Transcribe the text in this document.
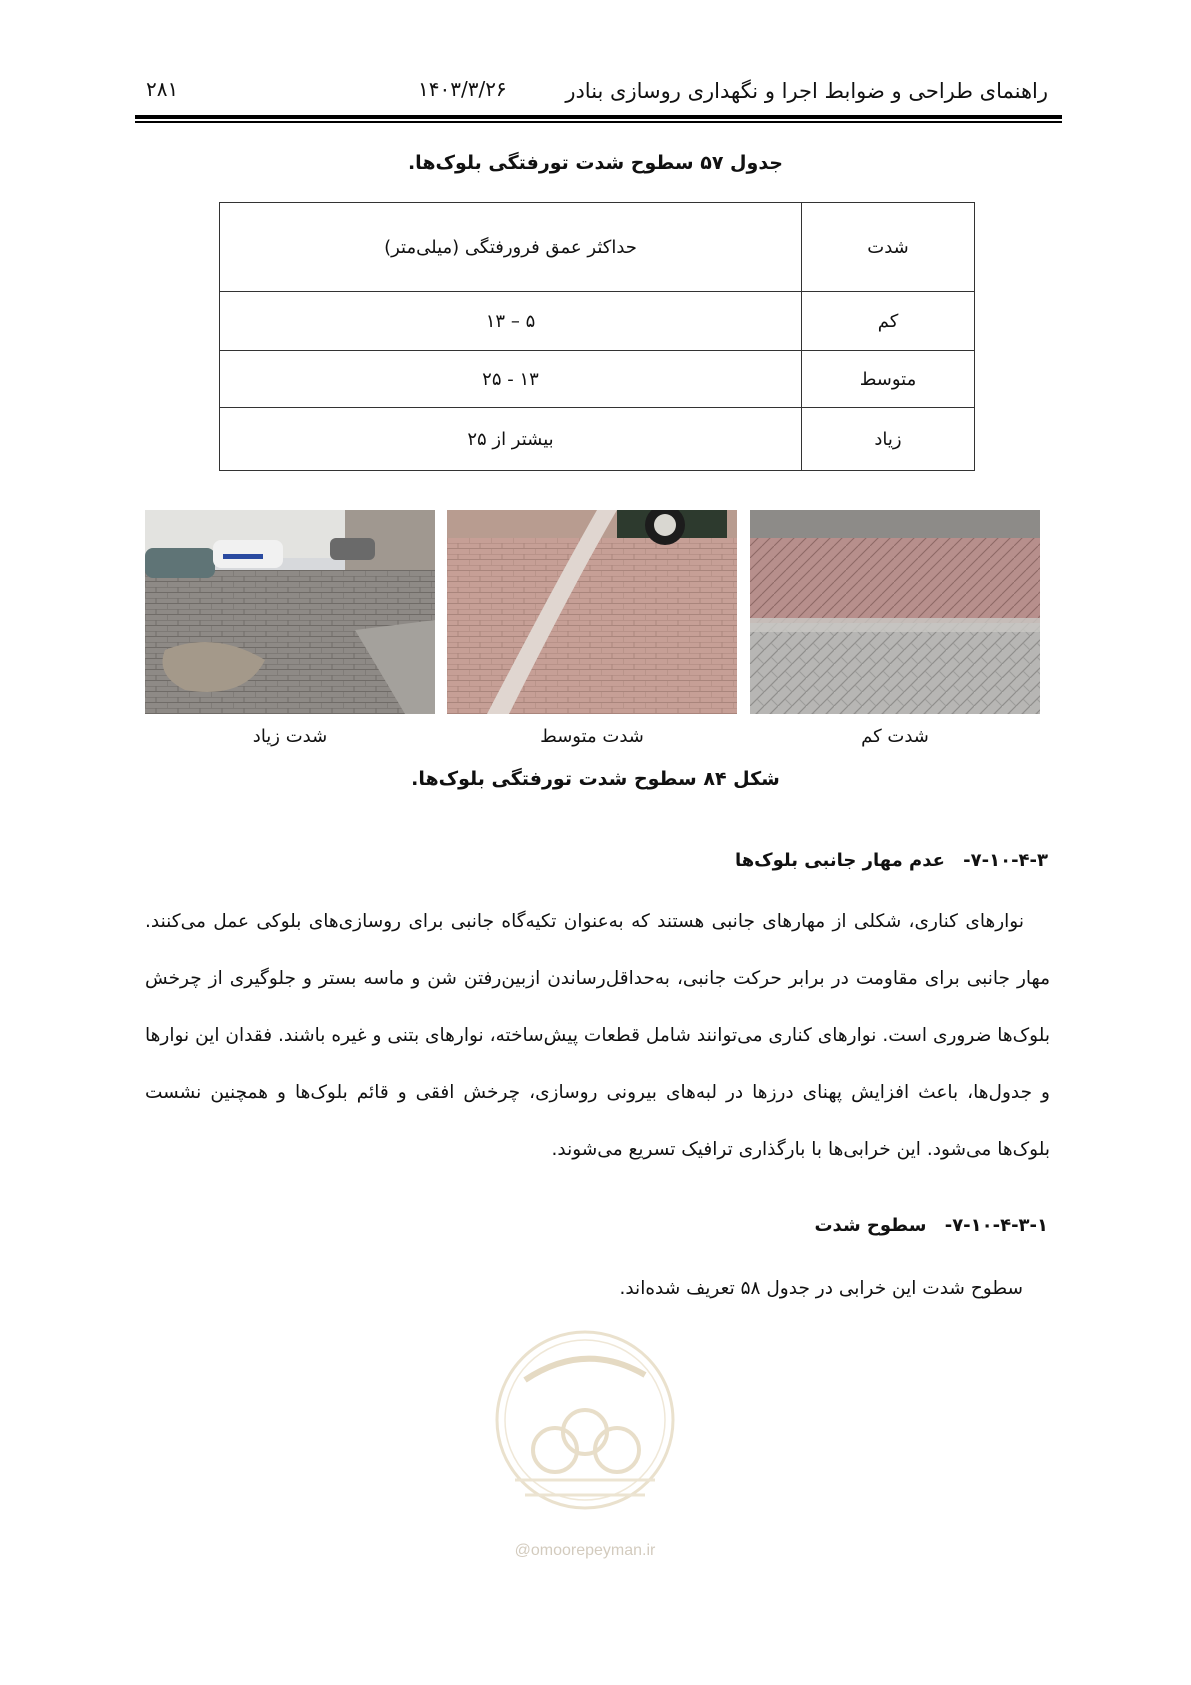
راهنمای طراحی و ضوابط اجرا و نگهداری روسازی بنادر
۱۴۰۳/۳/۲۶
۲۸۱
جدول ۵۷ سطوح شدت تورفتگی بلوک‌ها.
شدت	حداکثر عمق فرورفتگی (میلی‌متر)
کم	۵ – ۱۳
متوسط	۱۳ - ۲۵
زیاد	بیشتر از ۲۵
شدت کم
شدت متوسط
شدت زیاد
شکل ۸۴ سطوح شدت تورفتگی بلوک‌ها.
۷-۱۰-۴-۳- عدم مهار جانبی بلوک‌ها

نوارهای کناری، شکلی از مهارهای جانبی هستند که به‌عنوان تکیه‌گاه جانبی برای روسازی‌های بلوکی عمل می‌کنند. مهار جانبی برای مقاومت در برابر حرکت جانبی، به‌حداقل‌رساندن ازبین‌رفتن شن و ماسه بستر و جلوگیری از چرخش بلوک‌ها ضروری است. نوارهای کناری می‌توانند شامل قطعات پیش‌ساخته، نوارهای بتنی و غیره باشند. فقدان این نوارها و جدول‌ها، باعث افزایش پهنای درزها در لبه‌های بیرونی روسازی، چرخش افقی و قائم بلوک‌ها و همچنین نشست بلوک‌ها می‌شود. این خرابی‌ها با بارگذاری ترافیک تسریع می‌شوند.

۷-۱۰-۴-۳-۱- سطوح شدت
سطوح شدت این خرابی در جدول ۵۸ تعریف شده‌اند.
@omoorepeyman.ir
